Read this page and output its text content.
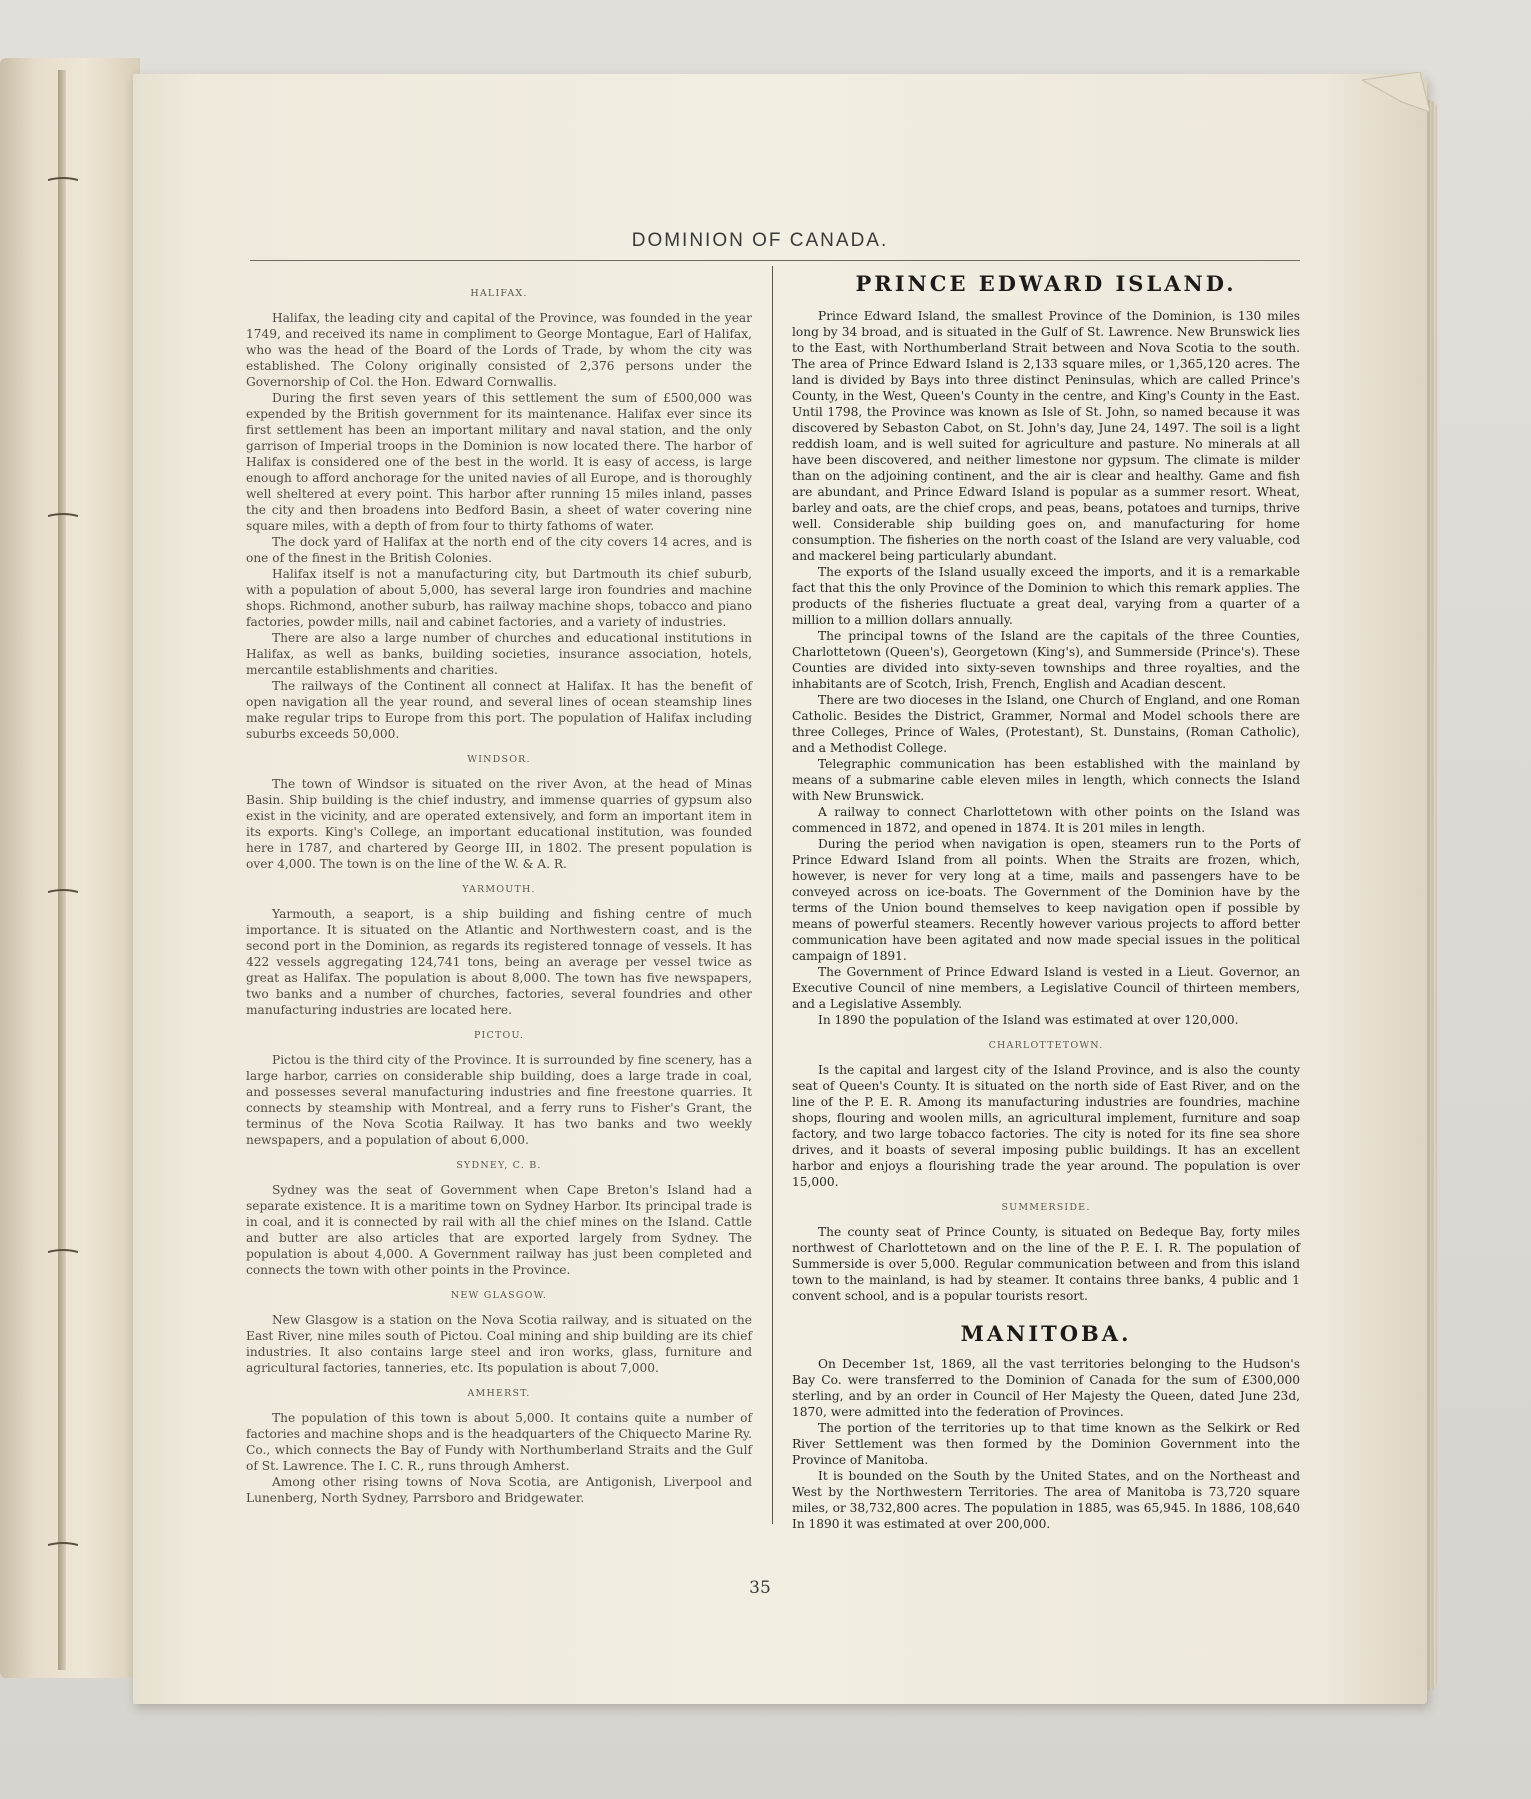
DOMINION OF CANADA.
HALIFAX.

Halifax, the leading city and capital of the Province, was founded in the year 1749, and received its name in compliment to George Montague, Earl of Halifax, who was the head of the Board of the Lords of Trade, by whom the city was established. The Colony originally consisted of 2,376 persons under the Governorship of Col. the Hon. Edward Cornwallis.

During the first seven years of this settlement the sum of £500,000 was expended by the British government for its maintenance. Halifax ever since its first settlement has been an important military and naval station, and the only garrison of Imperial troops in the Dominion is now located there. The harbor of Halifax is considered one of the best in the world. It is easy of access, is large enough to afford anchorage for the united navies of all Europe, and is thoroughly well sheltered at every point. This harbor after running 15 miles inland, passes the city and then broadens into Bedford Basin, a sheet of water covering nine square miles, with a depth of from four to thirty fathoms of water.

The dock yard of Halifax at the north end of the city covers 14 acres, and is one of the finest in the British Colonies.

Halifax itself is not a manufacturing city, but Dartmouth its chief suburb, with a population of about 5,000, has several large iron foundries and machine shops. Richmond, another suburb, has railway machine shops, tobacco and piano factories, powder mills, nail and cabinet factories, and a variety of industries.

There are also a large number of churches and educational institutions in Halifax, as well as banks, building societies, insurance association, hotels, mercantile establishments and charities.

The railways of the Continent all connect at Halifax. It has the benefit of open navigation all the year round, and several lines of ocean steamship lines make regular trips to Europe from this port. The population of Halifax including suburbs exceeds 50,000.

WINDSOR.

The town of Windsor is situated on the river Avon, at the head of Minas Basin. Ship building is the chief industry, and immense quarries of gypsum also exist in the vicinity, and are operated extensively, and form an important item in its exports. King's College, an important educational institution, was founded here in 1787, and chartered by George III, in 1802. The present population is over 4,000. The town is on the line of the W. & A. R.

YARMOUTH.

Yarmouth, a seaport, is a ship building and fishing centre of much importance. It is situated on the Atlantic and Northwestern coast, and is the second port in the Dominion, as regards its registered tonnage of vessels. It has 422 vessels aggregating 124,741 tons, being an average per vessel twice as great as Halifax. The population is about 8,000. The town has five newspapers, two banks and a number of churches, factories, several foundries and other manufacturing industries are located here.

PICTOU.

Pictou is the third city of the Province. It is surrounded by fine scenery, has a large harbor, carries on considerable ship building, does a large trade in coal, and possesses several manufacturing industries and fine freestone quarries. It connects by steamship with Montreal, and a ferry runs to Fisher's Grant, the terminus of the Nova Scotia Railway. It has two banks and two weekly newspapers, and a population of about 6,000.

SYDNEY, C. B.

Sydney was the seat of Government when Cape Breton's Island had a separate existence. It is a maritime town on Sydney Harbor. Its principal trade is in coal, and it is connected by rail with all the chief mines on the Island. Cattle and butter are also articles that are exported largely from Sydney. The population is about 4,000. A Government railway has just been completed and connects the town with other points in the Province.

NEW GLASGOW.

New Glasgow is a station on the Nova Scotia railway, and is situated on the East River, nine miles south of Pictou. Coal mining and ship building are its chief industries. It also contains large steel and iron works, glass, furniture and agricultural factories, tanneries, etc. Its population is about 7,000.

AMHERST.

The population of this town is about 5,000. It contains quite a number of factories and machine shops and is the headquarters of the Chiquecto Marine Ry. Co., which connects the Bay of Fundy with Northumberland Straits and the Gulf of St. Lawrence. The I. C. R., runs through Amherst.

Among other rising towns of Nova Scotia, are Antigonish, Liverpool and Lunenberg, North Sydney, Parrsboro and Bridgewater.

PRINCE EDWARD ISLAND.

Prince Edward Island, the smallest Province of the Dominion, is 130 miles long by 34 broad, and is situated in the Gulf of St. Lawrence. New Brunswick lies to the East, with Northumberland Strait between and Nova Scotia to the south. The area of Prince Edward Island is 2,133 square miles, or 1,365,120 acres. The land is divided by Bays into three distinct Peninsulas, which are called Prince's County, in the West, Queen's County in the centre, and King's County in the East. Until 1798, the Province was known as Isle of St. John, so named because it was discovered by Sebaston Cabot, on St. John's day, June 24, 1497. The soil is a light reddish loam, and is well suited for agriculture and pasture. No minerals at all have been discovered, and neither limestone nor gypsum. The climate is milder than on the adjoining continent, and the air is clear and healthy. Game and fish are abundant, and Prince Edward Island is popular as a summer resort. Wheat, barley and oats, are the chief crops, and peas, beans, potatoes and turnips, thrive well. Considerable ship building goes on, and manufacturing for home consumption. The fisheries on the north coast of the Island are very valuable, cod and mackerel being particularly abundant.

The exports of the Island usually exceed the imports, and it is a remarkable fact that this the only Province of the Dominion to which this remark applies. The products of the fisheries fluctuate a great deal, varying from a quarter of a million to a million dollars annually.

The principal towns of the Island are the capitals of the three Counties, Charlottetown (Queen's), Georgetown (King's), and Summerside (Prince's). These Counties are divided into sixty-seven townships and three royalties, and the inhabitants are of Scotch, Irish, French, English and Acadian descent.

There are two dioceses in the Island, one Church of England, and one Roman Catholic. Besides the District, Grammer, Normal and Model schools there are three Colleges, Prince of Wales, (Protestant), St. Dunstains, (Roman Catholic), and a Methodist College.

Telegraphic communication has been established with the mainland by means of a submarine cable eleven miles in length, which connects the Island with New Brunswick.

A railway to connect Charlottetown with other points on the Island was commenced in 1872, and opened in 1874. It is 201 miles in length.

During the period when navigation is open, steamers run to the Ports of Prince Edward Island from all points. When the Straits are frozen, which, however, is never for very long at a time, mails and passengers have to be conveyed across on ice-boats. The Government of the Dominion have by the terms of the Union bound themselves to keep navigation open if possible by means of powerful steamers. Recently however various projects to afford better communication have been agitated and now made special issues in the political campaign of 1891.

The Government of Prince Edward Island is vested in a Lieut. Governor, an Executive Council of nine members, a Legislative Council of thirteen members, and a Legislative Assembly.

In 1890 the population of the Island was estimated at over 120,000.

CHARLOTTETOWN.

Is the capital and largest city of the Island Province, and is also the county seat of Queen's County. It is situated on the north side of East River, and on the line of the P. E. R. Among its manufacturing industries are foundries, machine shops, flouring and woolen mills, an agricultural implement, furniture and soap factory, and two large tobacco factories. The city is noted for its fine sea shore drives, and it boasts of several imposing public buildings. It has an excellent harbor and enjoys a flourishing trade the year around. The population is over 15,000.

SUMMERSIDE.

The county seat of Prince County, is situated on Bedeque Bay, forty miles northwest of Charlottetown and on the line of the P. E. I. R. The population of Summerside is over 5,000. Regular communication between and from this island town to the mainland, is had by steamer. It contains three banks, 4 public and 1 convent school, and is a popular tourists resort.

MANITOBA.

On December 1st, 1869, all the vast territories belonging to the Hudson's Bay Co. were transferred to the Dominion of Canada for the sum of £300,000 sterling, and by an order in Council of Her Majesty the Queen, dated June 23d, 1870, were admitted into the federation of Provinces.

The portion of the territories up to that time known as the Selkirk or Red River Settlement was then formed by the Dominion Government into the Province of Manitoba.

It is bounded on the South by the United States, and on the Northeast and West by the Northwestern Territories. The area of Manitoba is 73,720 square miles, or 38,732,800 acres. The population in 1885, was 65,945. In 1886, 108,640 In 1890 it was estimated at over 200,000.

35
